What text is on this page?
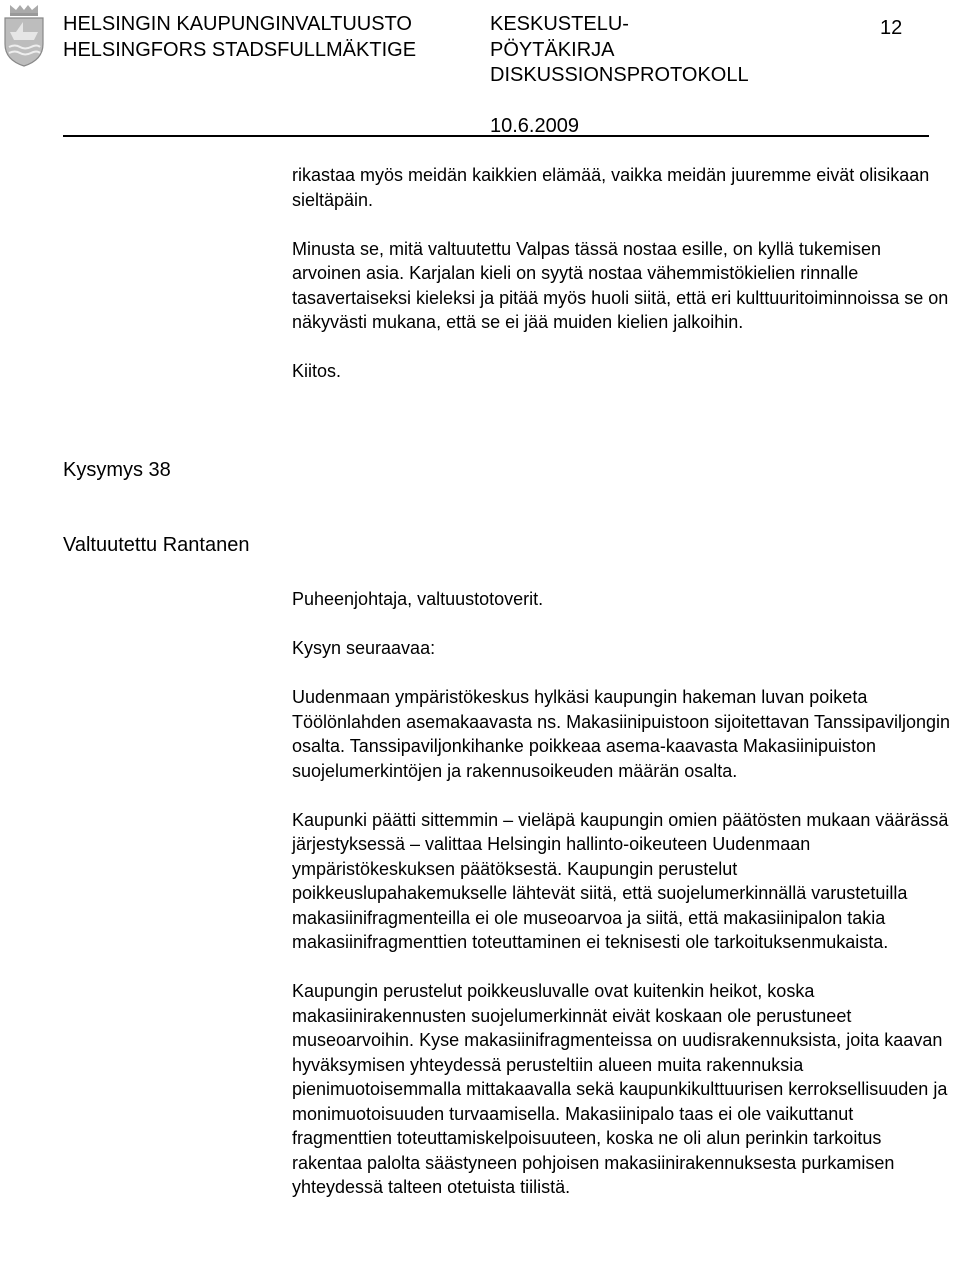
HELSINGIN KAUPUNGINVALTUUSTO
HELSINGFORS STADSFULLMÄKTIGE
KESKUSTELU-
PÖYTÄKIRJA
DISKUSSIONSPROTOKOLL
10.6.2009
12

rikastaa myös meidän kaikkien elämää, vaikka meidän juuremme eivät olisikaan sieltäpäin.

Minusta se, mitä valtuutettu Valpas tässä nostaa esille, on kyllä tukemisen arvoinen asia. Karjalan kieli on syytä nostaa vähemmistökielien rinnalle tasavertaiseksi kieleksi ja pitää myös huoli siitä, että eri kulttuuritoiminnoissa se on näkyvästi mukana, että se ei jää muiden kielien jalkoihin.

Kiitos.

Kysymys 38
Valtuutettu Rantanen

Puheenjohtaja, valtuustotoverit.

Kysyn seuraavaa:

Uudenmaan ympäristökeskus hylkäsi kaupungin hakeman luvan poiketa Töölönlahden asemakaavasta ns. Makasiinipuistoon sijoitettavan Tanssipaviljongin osalta. Tanssipaviljonkihanke poikkeaa asema-kaavasta Makasiinipuiston suojelumerkintöjen ja rakennusoikeuden määrän osalta.

Kaupunki päätti sittemmin – vieläpä kaupungin omien päätösten mukaan väärässä järjestyksessä – valittaa Helsingin hallinto-oikeuteen Uudenmaan ympäristökeskuksen päätöksestä. Kaupungin perustelut poikkeuslupahakemukselle lähtevät siitä, että suojelumerkinnällä varustetuilla makasiinifragmenteilla ei ole museoarvoa ja siitä, että makasiinipalon takia makasiinifragmenttien toteuttaminen ei teknisesti ole tarkoituksenmukaista.

Kaupungin perustelut poikkeusluvalle ovat kuitenkin heikot, koska makasiinirakennusten suojelumerkinnät eivät koskaan ole perustuneet museoarvoihin. Kyse makasiinifragmenteissa on uudisrakennuksista, joita kaavan hyväksymisen yhteydessä perusteltiin alueen muita rakennuksia pienimuotoisemmalla mittakaavalla sekä kaupunkikulttuurisen kerroksellisuuden ja monimuotoisuuden turvaamisella. Makasiinipalo taas ei ole vaikuttanut fragmenttien toteuttamiskelpoisuuteen, koska ne oli alun perinkin tarkoitus rakentaa palolta säästyneen pohjoisen makasiinirakennuksesta purkamisen yhteydessä talteen otetuista tiilistä.
